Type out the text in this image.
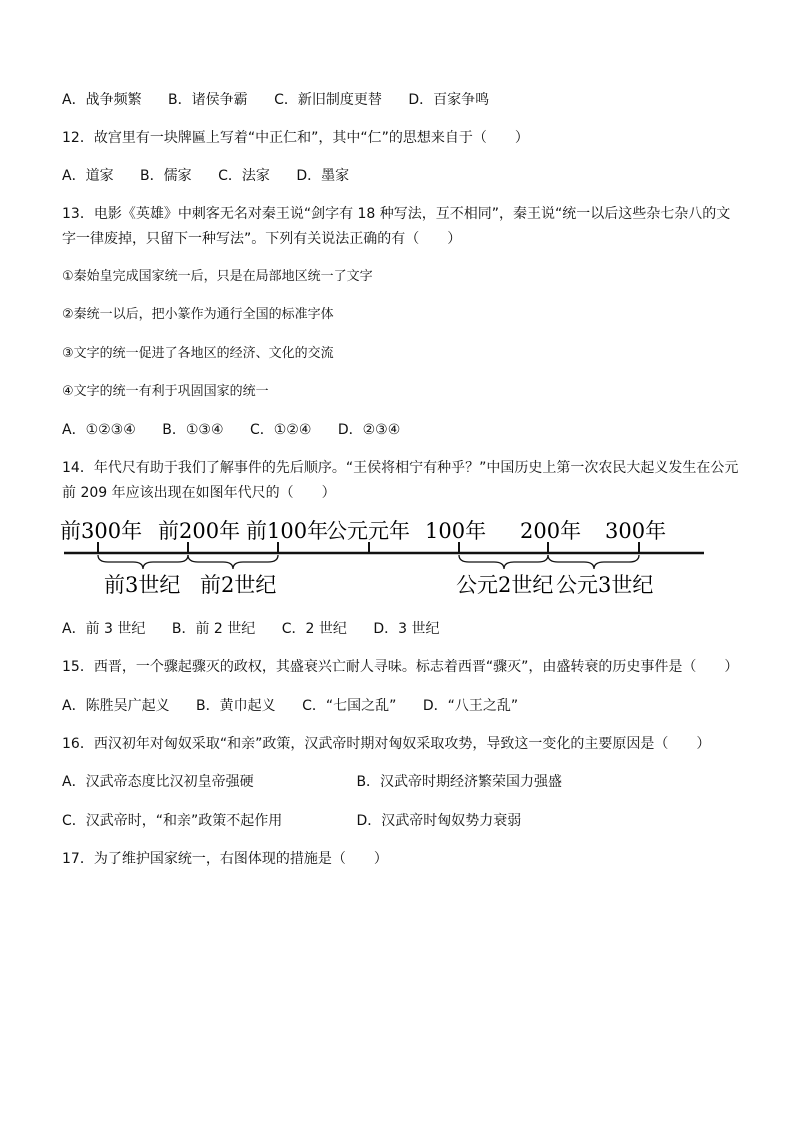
A．战争频繁 B．诸侯争霸 C．新旧制度更替 D．百家争鸣
12．故宫里有一块牌匾上写着“中正仁和”，其中“仁”的思想来自于（　　）
A．道家 B．儒家 C．法家 D．墨家
13．电影《英雄》中刺客无名对秦王说“剑字有 18 种写法，互不相同”，秦王说“统一以后这些杂七杂八的文
字一律废掉，只留下一种写法”。下列有关说法正确的有（　　）
①秦始皇完成国家统一后，只是在局部地区统一了文字
②秦统一以后，把小篆作为通行全国的标准字体
③文字的统一促进了各地区的经济、文化的交流
④文字的统一有利于巩固国家的统一
A．①②③④ B．①③④ C．①②④ D．②③④
14．年代尺有助于我们了解事件的先后顺序。“王侯将相宁有种乎？”中国历史上第一次农民大起义发生在公元
前 209 年应该出现在如图年代尺的（　　）
前300年 前200年 前100年
公元元年 100年 200年 300年
前3世纪 前2世纪	公元2世纪 公元3世纪
A．前 3 世纪 B．前 2 世纪 C．2 世纪 D．3 世纪
15．西晋，一个骤起骤灭的政权，其盛衰兴亡耐人寻味。标志着西晋“骤灭”，由盛转衰的历史事件是（　　）
A．陈胜吴广起义 B．黄巾起义 C．“七国之乱” D．“八王之乱”
16．西汉初年对匈奴采取“和亲”政策，汉武帝时期对匈奴采取攻势，导致这一变化的主要原因是（　　）
A．汉武帝态度比汉初皇帝强硬	B．汉武帝时期经济繁荣国力强盛
C．汉武帝时，“和亲”政策不起作用	D．汉武帝时匈奴势力衰弱
17．为了维护国家统一，右图体现的措施是（　　）
